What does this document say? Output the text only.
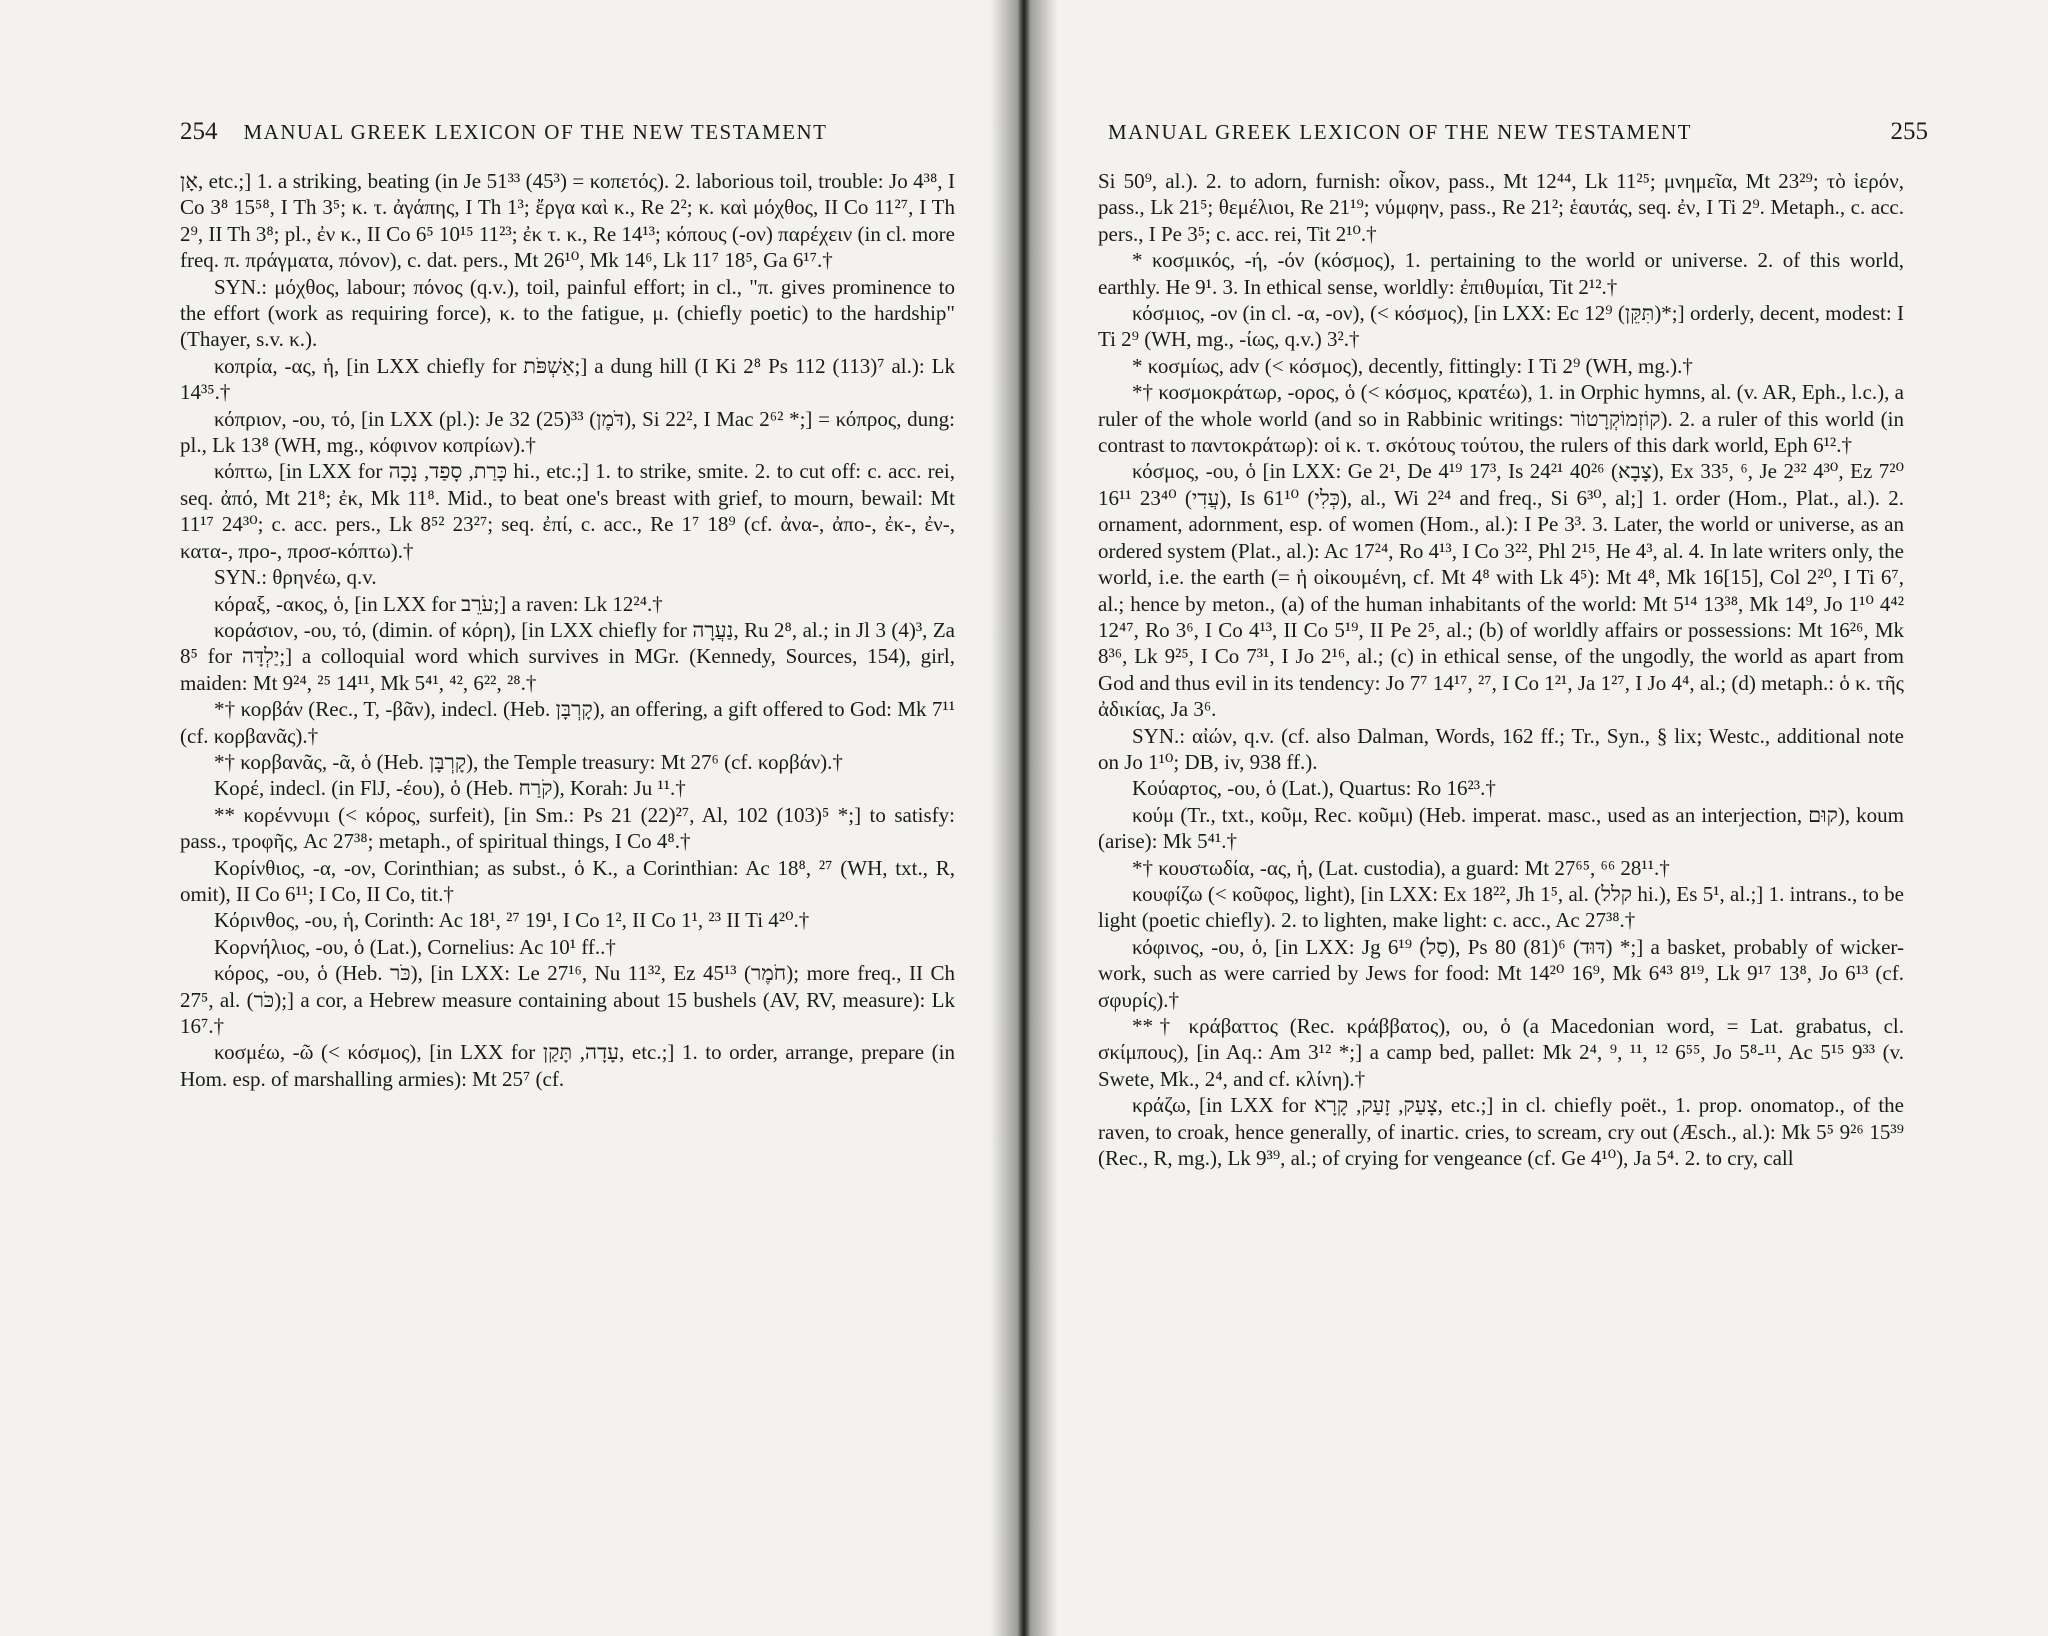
254 MANUAL GREEK LEXICON OF THE NEW TESTAMENT

אָן, etc.;] 1. a striking, beating (in Je 51³³ (45³) = κοπετός). 2. laborious toil, trouble: Jo 4³⁸, I Co 3⁸ 15⁵⁸, I Th 3⁵; κ. τ. ἀγάπης, I Th 1³; ἔργα καὶ κ., Re 2²; κ. καὶ μόχθος, II Co 11²⁷, I Th 2⁹, II Th 3⁸; pl., ἐν κ., II Co 6⁵ 10¹⁵ 11²³; ἐκ τ. κ., Re 14¹³; κόπους (-ον) παρέχειν (in cl. more freq. π. πράγματα, πόνον), c. dat. pers., Mt 26¹⁰, Mk 14⁶, Lk 11⁷ 18⁵, Ga 6¹⁷.†

SYN.: μόχθος, labour; πόνος (q.v.), toil, painful effort; in cl., "π. gives prominence to the effort (work as requiring force), κ. to the fatigue, μ. (chiefly poetic) to the hardship" (Thayer, s.v. κ.).

κοπρία, -ας, ἡ, [in LXX chiefly for אַשְׁפֹּת;] a dung hill (I Ki 2⁸ Ps 112 (113)⁷ al.): Lk 14³⁵.†

κόπριον, -ου, τό, [in LXX (pl.): Je 32 (25)³³ (דֹּמֶן), Si 22², I Mac 2⁶² *;] = κόπρος, dung: pl., Lk 13⁸ (WH, mg., κόφινον κοπρίων).†

κόπτω, [in LXX for כָּרַת, סָפַד, נָכָה hi., etc.;] 1. to strike, smite. 2. to cut off: c. acc. rei, seq. ἀπό, Mt 21⁸; ἐκ, Mk 11⁸. Mid., to beat one's breast with grief, to mourn, bewail: Mt 11¹⁷ 24³⁰; c. acc. pers., Lk 8⁵² 23²⁷; seq. ἐπί, c. acc., Re 1⁷ 18⁹ (cf. ἀνα-, ἀπο-, ἐκ-, ἐν-, κατα-, προ-, προσ-κόπτω).†

SYN.: θρηνέω, q.v.

κόραξ, -ακος, ὁ, [in LXX for עֹרֵב;] a raven: Lk 12²⁴.†

κοράσιον, -ου, τό, (dimin. of κόρη), [in LXX chiefly for נַעֲרָה, Ru 2⁸, al.; in Jl 3 (4)³, Za 8⁵ for יַלְדָּה;] a colloquial word which survives in MGr. (Kennedy, Sources, 154), girl, maiden: Mt 9²⁴, ²⁵ 14¹¹, Mk 5⁴¹, ⁴², 6²², ²⁸.†

*† κορβάν (Rec., T, -βᾶν), indecl. (Heb. קָרְבָּן), an offering, a gift offered to God: Mk 7¹¹ (cf. κορβανᾶς).†

*† κορβανᾶς, -ᾶ, ὁ (Heb. קָרְבָּן), the Temple treasury: Mt 27⁶ (cf. κορβάν).†

Κορέ, indecl. (in FlJ, -έου), ὁ (Heb. קֹרַח), Korah: Ju ¹¹.†

** κορέννυμι (< κόρος, surfeit), [in Sm.: Ps 21 (22)²⁷, Al, 102 (103)⁵ *;] to satisfy: pass., τροφῆς, Ac 27³⁸; metaph., of spiritual things, I Co 4⁸.†

Κορίνθιος, -α, -ον, Corinthian; as subst., ὁ Κ., a Corinthian: Ac 18⁸, ²⁷ (WH, txt., R, omit), II Co 6¹¹; I Co, II Co, tit.†

Κόρινθος, -ου, ἡ, Corinth: Ac 18¹, ²⁷ 19¹, I Co 1², II Co 1¹, ²³ II Ti 4²⁰.†

Κορνήλιος, -ου, ὁ (Lat.), Cornelius: Ac 10¹ ff..†

κόρος, -ου, ὁ (Heb. כֹּר), [in LXX: Le 27¹⁶, Nu 11³², Ez 45¹³ (חֹמֶר); more freq., II Ch 27⁵, al. (כֹּר);] a cor, a Hebrew measure containing about 15 bushels (AV, RV, measure): Lk 16⁷.†

κοσμέω, -ῶ (< κόσμος), [in LXX for עָדָה, תָּקַן, etc.;] 1. to order, arrange, prepare (in Hom. esp. of marshalling armies): Mt 25⁷ (cf.

MANUAL GREEK LEXICON OF THE NEW TESTAMENT	255

Si 50⁹, al.). 2. to adorn, furnish: οἶκον, pass., Mt 12⁴⁴, Lk 11²⁵; μνημεῖα, Mt 23²⁹; τὸ ἱερόν, pass., Lk 21⁵; θεμέλιοι, Re 21¹⁹; νύμφην, pass., Re 21²; ἑαυτάς, seq. ἐν, I Ti 2⁹. Metaph., c. acc. pers., I Pe 3⁵; c. acc. rei, Tit 2¹⁰.†

* κοσμικός, -ή, -όν (κόσμος), 1. pertaining to the world or universe. 2. of this world, earthly. He 9¹. 3. In ethical sense, worldly: ἐπιθυμίαι, Tit 2¹².†

κόσμιος, -ον (in cl. -α, -ον), (< κόσμος), [in LXX: Ec 12⁹ (תִּקֵּן)*;] orderly, decent, modest: I Ti 2⁹ (WH, mg., -ίως, q.v.) 3².†

* κοσμίως, adv (< κόσμος), decently, fittingly: I Ti 2⁹ (WH, mg.).†

*† κοσμοκράτωρ, -ορος, ὁ (< κόσμος, κρατέω), 1. in Orphic hymns, al. (v. AR, Eph., l.c.), a ruler of the whole world (and so in Rabbinic writings: קוֹזְמוֹקְרָטוֹר). 2. a ruler of this world (in contrast to παντοκράτωρ): οἱ κ. τ. σκότους τούτου, the rulers of this dark world, Eph 6¹².†

κόσμος, -ου, ὁ [in LXX: Ge 2¹, De 4¹⁹ 17³, Is 24²¹ 40²⁶ (צָבָא), Ex 33⁵, ⁶, Je 2³² 4³⁰, Ez 7²⁰ 16¹¹ 23⁴⁰ (עֲדִי), Is 61¹⁰ (כְּלִי), al., Wi 2²⁴ and freq., Si 6³⁰, al;] 1. order (Hom., Plat., al.). 2. ornament, adornment, esp. of women (Hom., al.): I Pe 3³. 3. Later, the world or universe, as an ordered system (Plat., al.): Ac 17²⁴, Ro 4¹³, I Co 3²², Phl 2¹⁵, He 4³, al. 4. In late writers only, the world, i.e. the earth (= ἡ οἰκουμένη, cf. Mt 4⁸ with Lk 4⁵): Mt 4⁸, Mk 16[15], Col 2²⁰, I Ti 6⁷, al.; hence by meton., (a) of the human inhabitants of the world: Mt 5¹⁴ 13³⁸, Mk 14⁹, Jo 1¹⁰ 4⁴² 12⁴⁷, Ro 3⁶, I Co 4¹³, II Co 5¹⁹, II Pe 2⁵, al.; (b) of worldly affairs or possessions: Mt 16²⁶, Mk 8³⁶, Lk 9²⁵, I Co 7³¹, I Jo 2¹⁶, al.; (c) in ethical sense, of the ungodly, the world as apart from God and thus evil in its tendency: Jo 7⁷ 14¹⁷, ²⁷, I Co 1²¹, Ja 1²⁷, I Jo 4⁴, al.; (d) metaph.: ὁ κ. τῆς ἀδικίας, Ja 3⁶.

SYN.: αἰών, q.v. (cf. also Dalman, Words, 162 ff.; Tr., Syn., § lix; Westc., additional note on Jo 1¹⁰; DB, iv, 938 ff.).

Κούαρτος, -ου, ὁ (Lat.), Quartus: Ro 16²³.†

κούμ (Tr., txt., κοῦμ, Rec. κοῦμι) (Heb. imperat. masc., used as an interjection, קוּם), koum (arise): Mk 5⁴¹.†

*† κουστωδία, -ας, ἡ, (Lat. custodia), a guard: Mt 27⁶⁵, ⁶⁶ 28¹¹.†

κουφίζω (< κοῦφος, light), [in LXX: Ex 18²², Jh 1⁵, al. (קלל hi.), Es 5¹, al.;] 1. intrans., to be light (poetic chiefly). 2. to lighten, make light: c. acc., Ac 27³⁸.†

κόφινος, -ου, ὁ, [in LXX: Jg 6¹⁹ (סַל), Ps 80 (81)⁶ (דּוּד) *;] a basket, probably of wicker-work, such as were carried by Jews for food: Mt 14²⁰ 16⁹, Mk 6⁴³ 8¹⁹, Lk 9¹⁷ 13⁸, Jo 6¹³ (cf. σφυρίς).†

**† κράβαττος (Rec. κράββατος), ου, ὁ (a Macedonian word, = Lat. grabatus, cl. σκίμπους), [in Aq.: Am 3¹² *;] a camp bed, pallet: Mk 2⁴, ⁹, ¹¹, ¹² 6⁵⁵, Jo 5⁸-¹¹, Ac 5¹⁵ 9³³ (v. Swete, Mk., 2⁴, and cf. κλίνη).†

κράζω, [in LXX for צָעַק, זָעַק, קָרָא, etc.;] in cl. chiefly poët., 1. prop. onomatop., of the raven, to croak, hence generally, of inartic. cries, to scream, cry out (Æsch., al.): Mk 5⁵ 9²⁶ 15³⁹ (Rec., R, mg.), Lk 9³⁹, al.; of crying for vengeance (cf. Ge 4¹⁰), Ja 5⁴. 2. to cry, call
